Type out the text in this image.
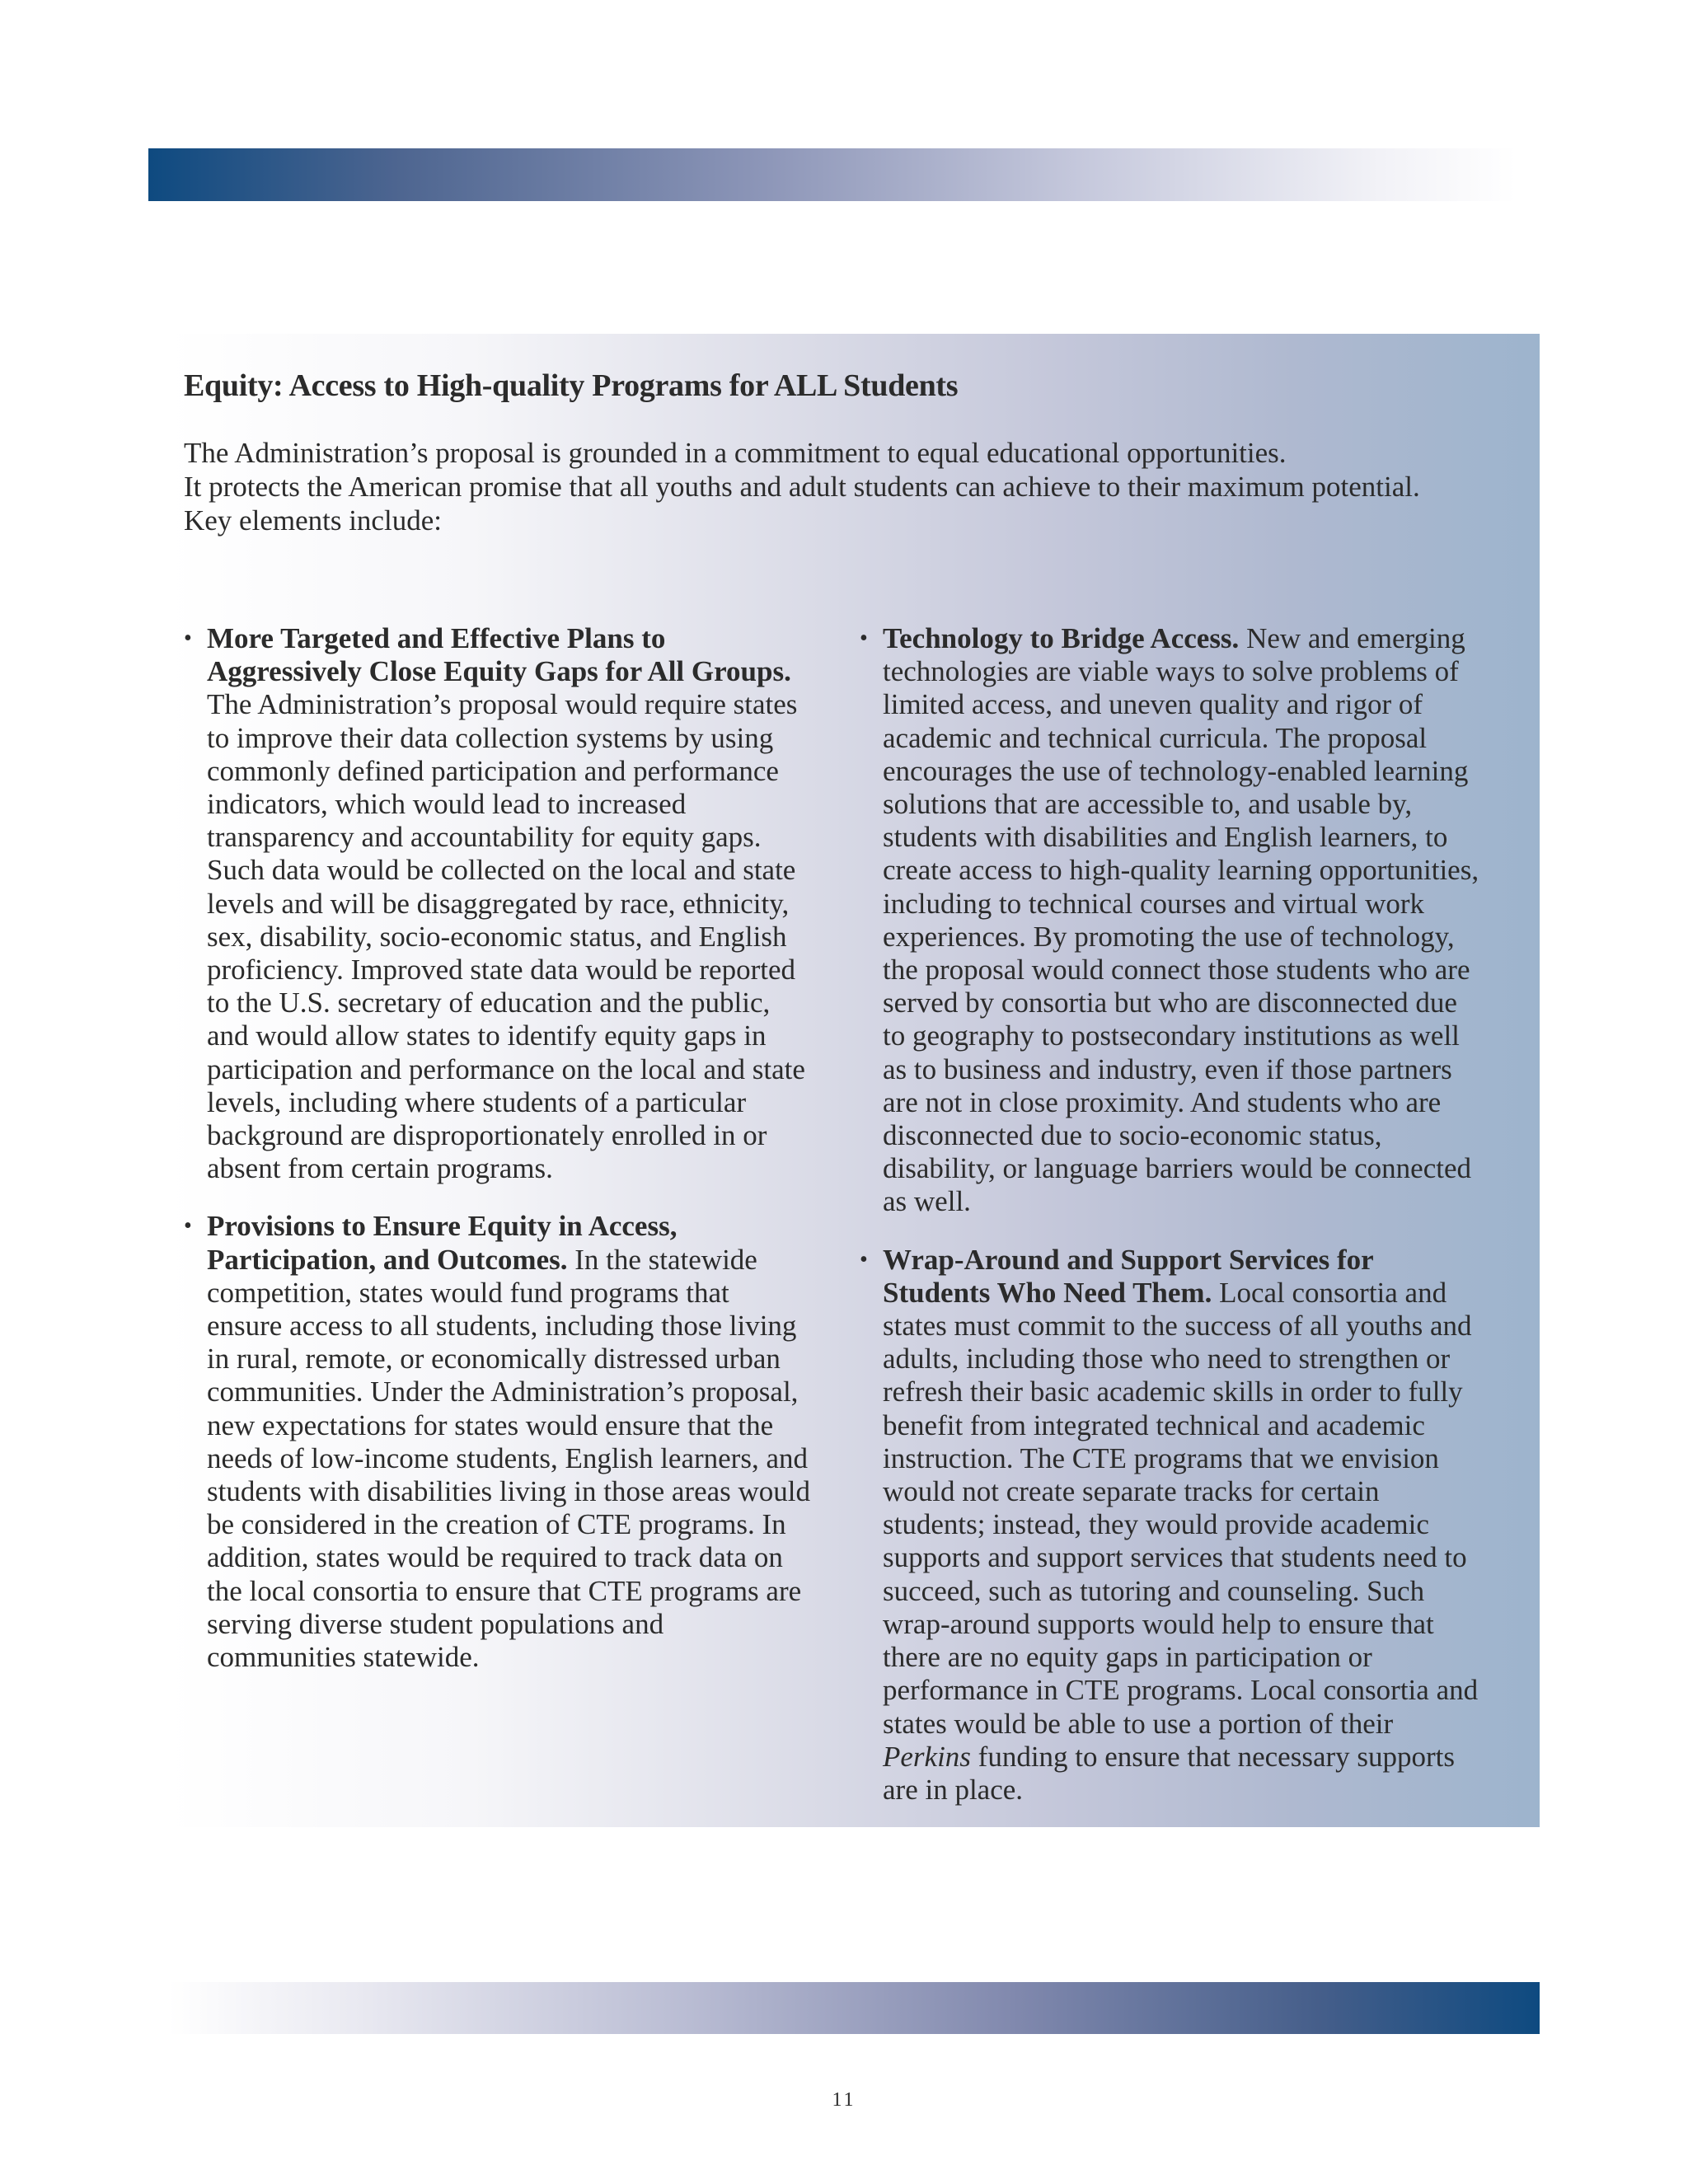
Equity: Access to High-quality Programs for ALL Students

The Administration’s proposal is grounded in a commitment to equal educational opportunities.
It protects the American promise that all youths and adult students can achieve to their maximum potential.
Key elements include:

• More Targeted and Effective Plans to Aggressively Close Equity Gaps for All Groups. The Administration’s proposal would require states to improve their data collection systems by using commonly defined participation and performance indicators, which would lead to increased transparency and accountability for equity gaps. Such data would be collected on the local and state levels and will be disaggregated by race, ethnicity, sex, disability, socio-economic status, and English proficiency. Improved state data would be reported to the U.S. secretary of education and the public, and would allow states to identify equity gaps in participation and performance on the local and state levels, including where students of a particular background are disproportionately enrolled in or absent from certain programs.
• Provisions to Ensure Equity in Access, Participation, and Outcomes. In the statewide competition, states would fund programs that ensure access to all students, including those living in rural, remote, or economically distressed urban communities. Under the Administration’s proposal, new expectations for states would ensure that the needs of low-income students, English learners, and students with disabilities living in those areas would be considered in the creation of CTE programs. In addition, states would be required to track data on the local consortia to ensure that CTE programs are serving diverse student populations and communities statewide.
• Technology to Bridge Access. New and emerging technologies are viable ways to solve problems of limited access, and uneven quality and rigor of academic and technical curricula. The proposal encourages the use of technology-enabled learning solutions that are accessible to, and usable by, students with disabilities and English learners, to create access to high-quality learning opportunities, including to technical courses and virtual work experiences. By promoting the use of technology, the proposal would connect those students who are served by consortia but who are disconnected due to geography to postsecondary institutions as well as to business and industry, even if those partners are not in close proximity. And students who are disconnected due to socio-economic status, disability, or language barriers would be connected as well.
• Wrap-Around and Support Services for Students Who Need Them. Local consortia and states must commit to the success of all youths and adults, including those who need to strengthen or refresh their basic academic skills in order to fully benefit from integrated technical and academic instruction. The CTE programs that we envision would not create separate tracks for certain students; instead, they would provide academic supports and support services that students need to succeed, such as tutoring and counseling. Such wrap-around supports would help to ensure that there are no equity gaps in participation or performance in CTE programs. Local consortia and states would be able to use a portion of their Perkins funding to ensure that necessary supports are in place.
11
